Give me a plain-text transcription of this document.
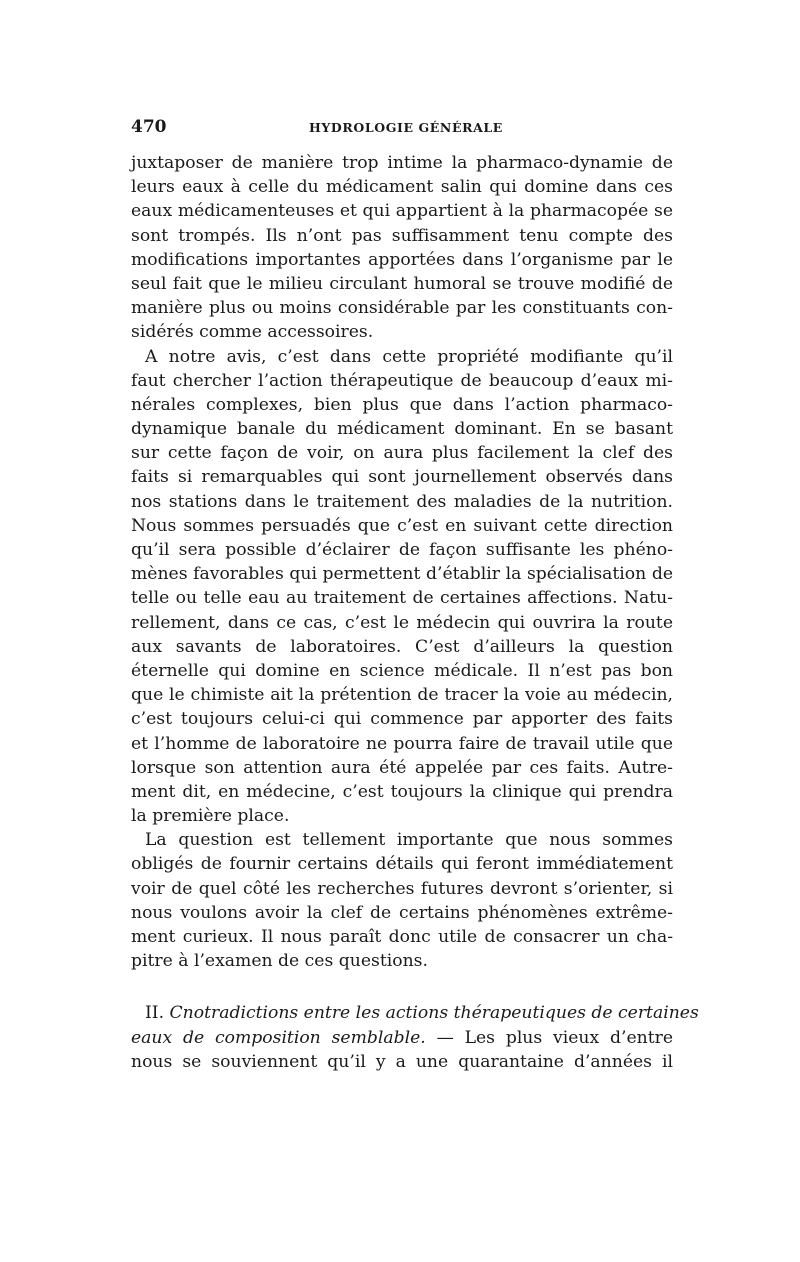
470	HYDROLOGIE GÉNÉRALE
juxtaposer de manière trop intime la pharmaco-dynamie de
leurs eaux à celle du médicament salin qui domine dans ces
eaux médicamenteuses et qui appartient à la pharmacopée se
sont trompés. Ils n’ont pas suffisamment tenu compte des
modifications importantes apportées dans l’organisme par le
seul fait que le milieu circulant humoral se trouve modifié de
manière plus ou moins considérable par les constituants con-
sidérés comme accessoires.
A notre avis, c’est dans cette propriété modifiante qu’il
faut chercher l’action thérapeutique de beaucoup d’eaux mi-
nérales complexes, bien plus que dans l’action pharmaco-
dynamique banale du médicament dominant. En se basant
sur cette façon de voir, on aura plus facilement la clef des
faits si remarquables qui sont journellement observés dans
nos stations dans le traitement des maladies de la nutrition.
Nous sommes persuadés que c’est en suivant cette direction
qu’il sera possible d’éclairer de façon suffisante les phéno-
mènes favorables qui permettent d’établir la spécialisation de
telle ou telle eau au traitement de certaines affections. Natu-
rellement, dans ce cas, c’est le médecin qui ouvrira la route
aux savants de laboratoires. C’est d’ailleurs la question
éternelle qui domine en science médicale. Il n’est pas bon
que le chimiste ait la prétention de tracer la voie au médecin,
c’est toujours celui-ci qui commence par apporter des faits
et l’homme de laboratoire ne pourra faire de travail utile que
lorsque son attention aura été appelée par ces faits. Autre-
ment dit, en médecine, c’est toujours la clinique qui prendra
la première place.
La question est tellement importante que nous sommes
obligés de fournir certains détails qui feront immédiatement
voir de quel côté les recherches futures devront s’orienter, si
nous voulons avoir la clef de certains phénomènes extrême-
ment curieux. Il nous paraît donc utile de consacrer un cha-
pitre à l’examen de ces questions.
II. Cnotradictions entre les actions thérapeutiques de certaines
eaux de composition semblable. — Les plus vieux d’entre
nous se souviennent qu’il y a une quarantaine d’années il
